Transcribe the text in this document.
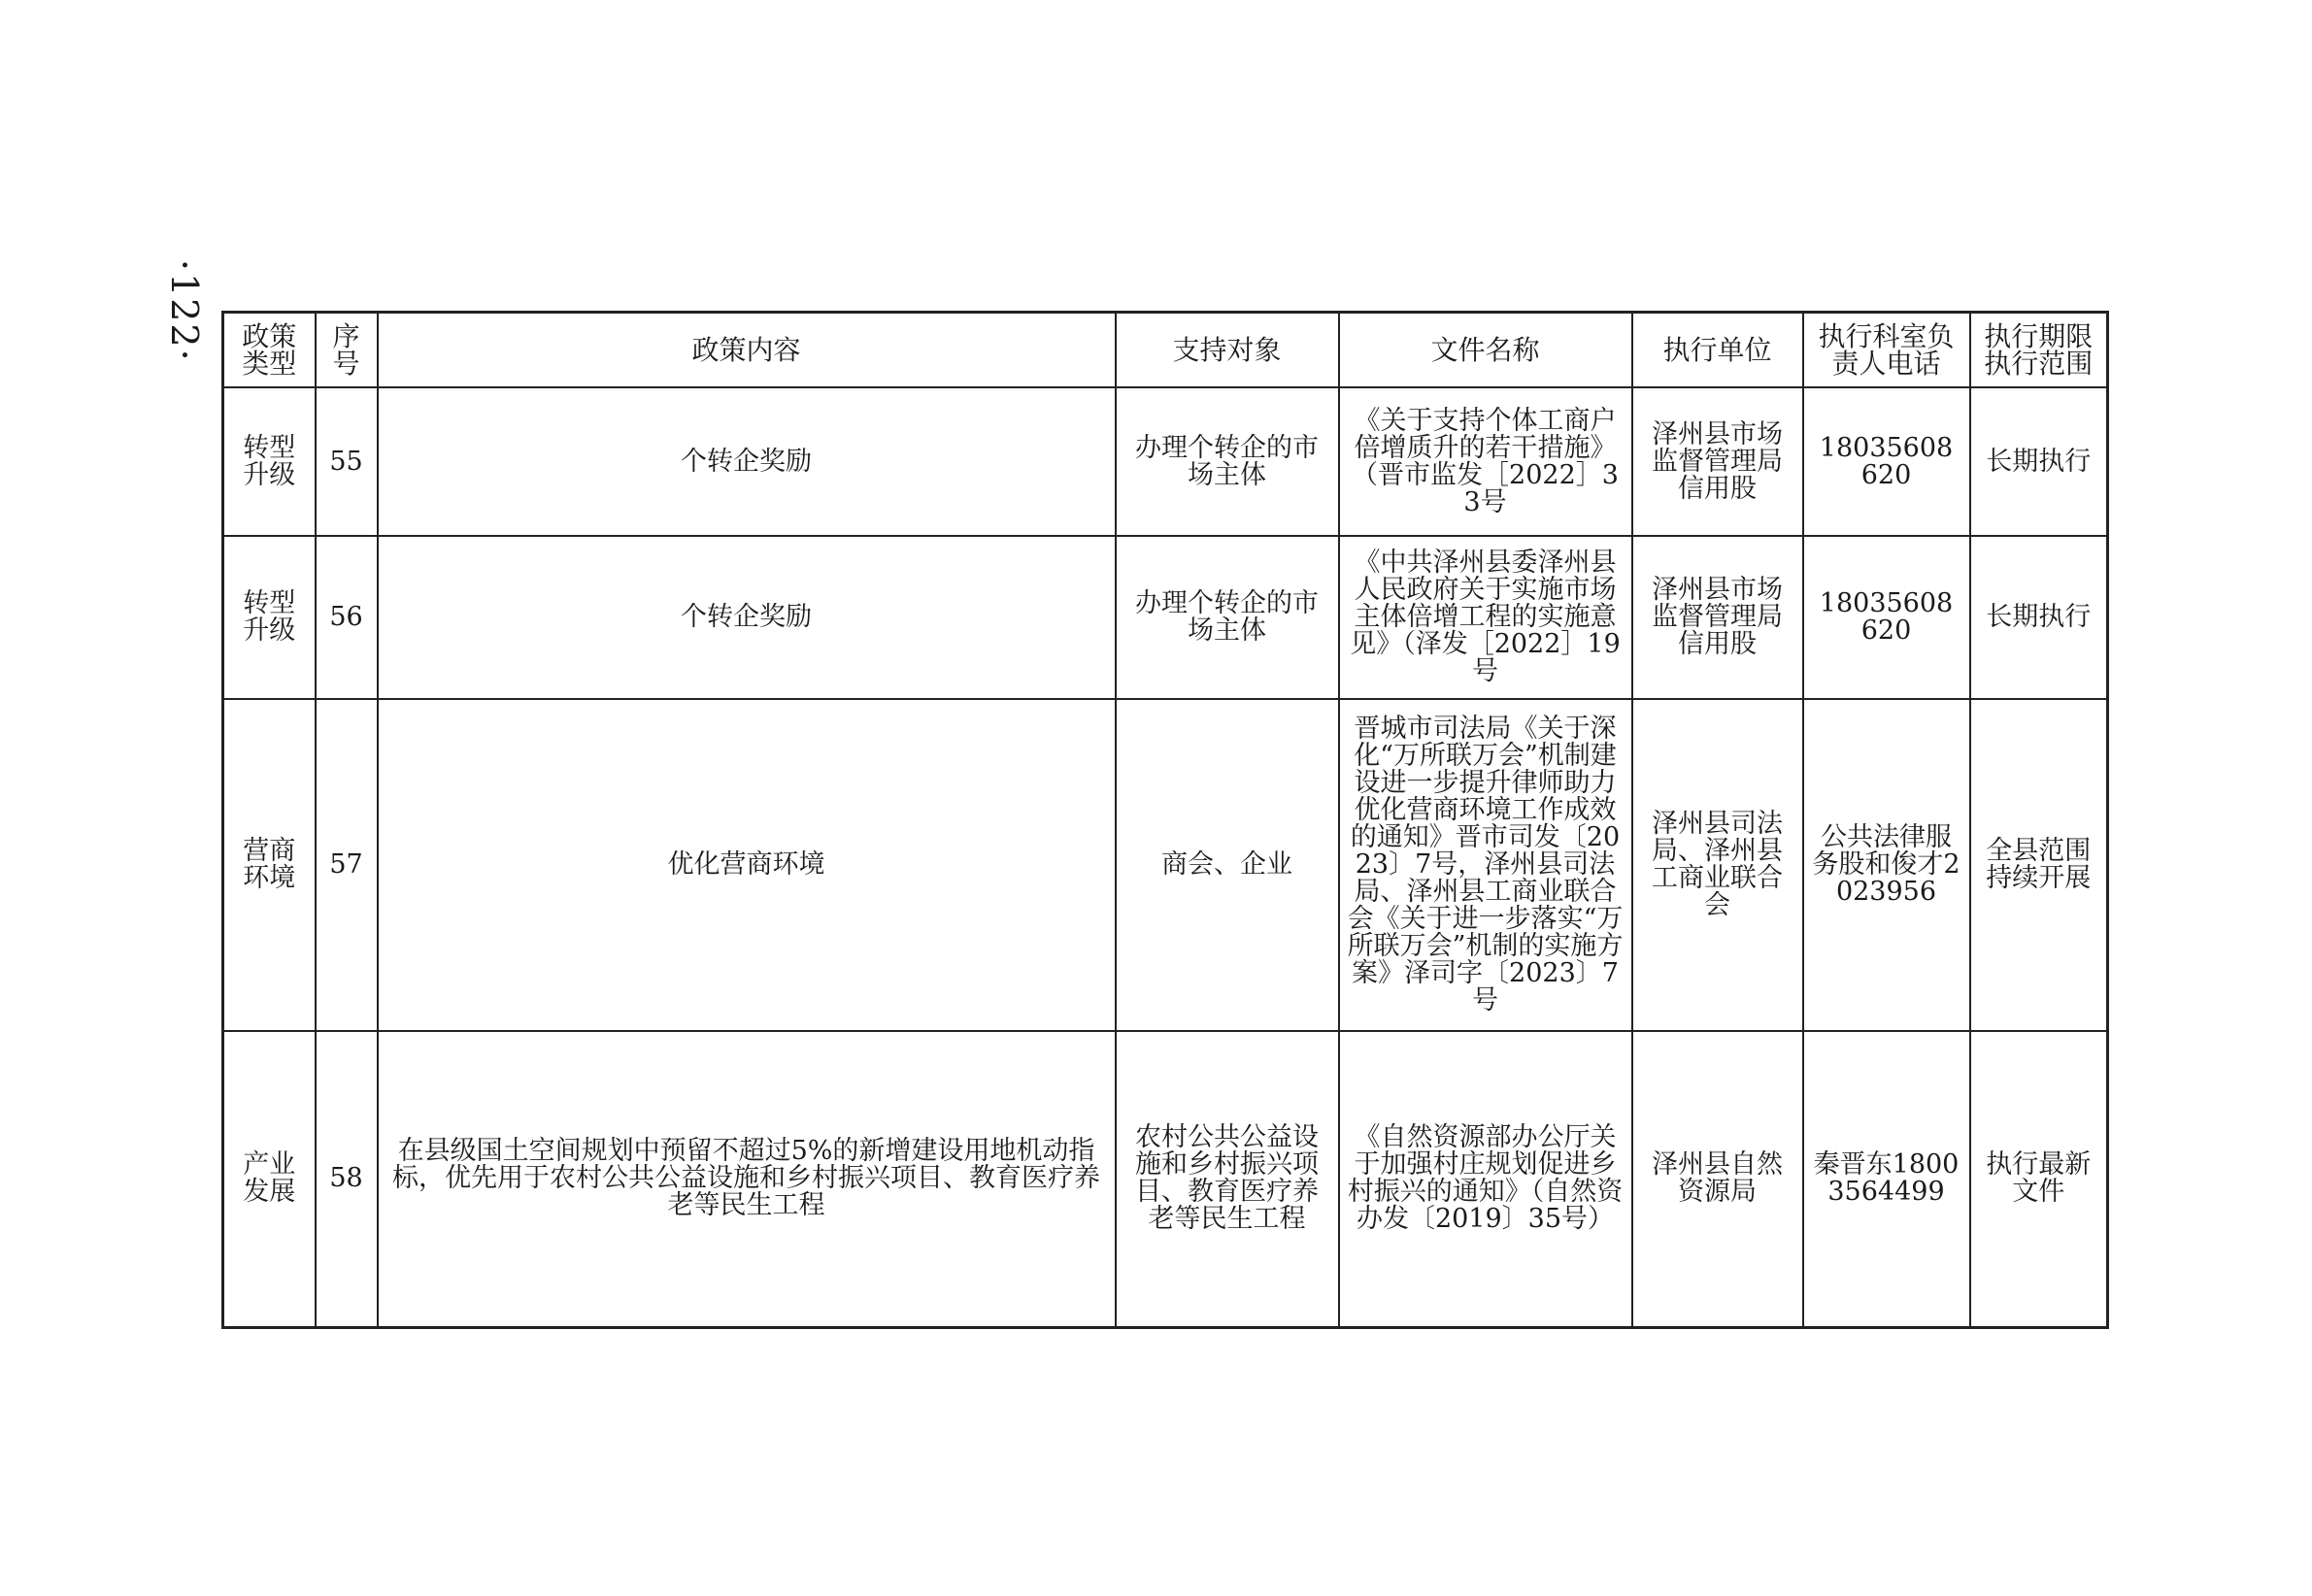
·122· 政策类型	序号	政策内容	支持对象	文件名称	执行单位	执行科室负责人电话	执行期限执行范围
转型升级	55	个转企奖励	办理个转企的市场主体	《关于支持个体工商户倍增质升的若干措施》（晋市监发［2022］33号	泽州县市场监督管理局信用股	18035608620	长期执行
转型升级	56	个转企奖励	办理个转企的市场主体	《中共泽州县委泽州县人民政府关于实施市场主体倍增工程的实施意见》（泽发［2022］19号	泽州县市场监督管理局信用股	18035608620	长期执行
营商环境	57	优化营商环境	商会、企业	晋城市司法局《关于深化“万所联万会”机制建设进一步提升律师助力优化营商环境工作成效的通知》晋市司发〔2023〕7号，泽州县司法局、泽州县工商业联合会《关于进一步落实“万所联万会”机制的实施方案》泽司字〔2023〕7号	泽州县司法局、泽州县工商业联合会	公共法律服务股和俊才2023956	全县范围持续开展
产业发展	58	在县级国土空间规划中预留不超过5%的新增建设用地机动指标，优先用于农村公共公益设施和乡村振兴项目、教育医疗养老等民生工程	农村公共公益设施和乡村振兴项目、教育医疗养老等民生工程	《自然资源部办公厅关于加强村庄规划促进乡村振兴的通知》（自然资办发〔2019〕35号）	泽州县自然资源局	秦晋东18003564499	执行最新文件
